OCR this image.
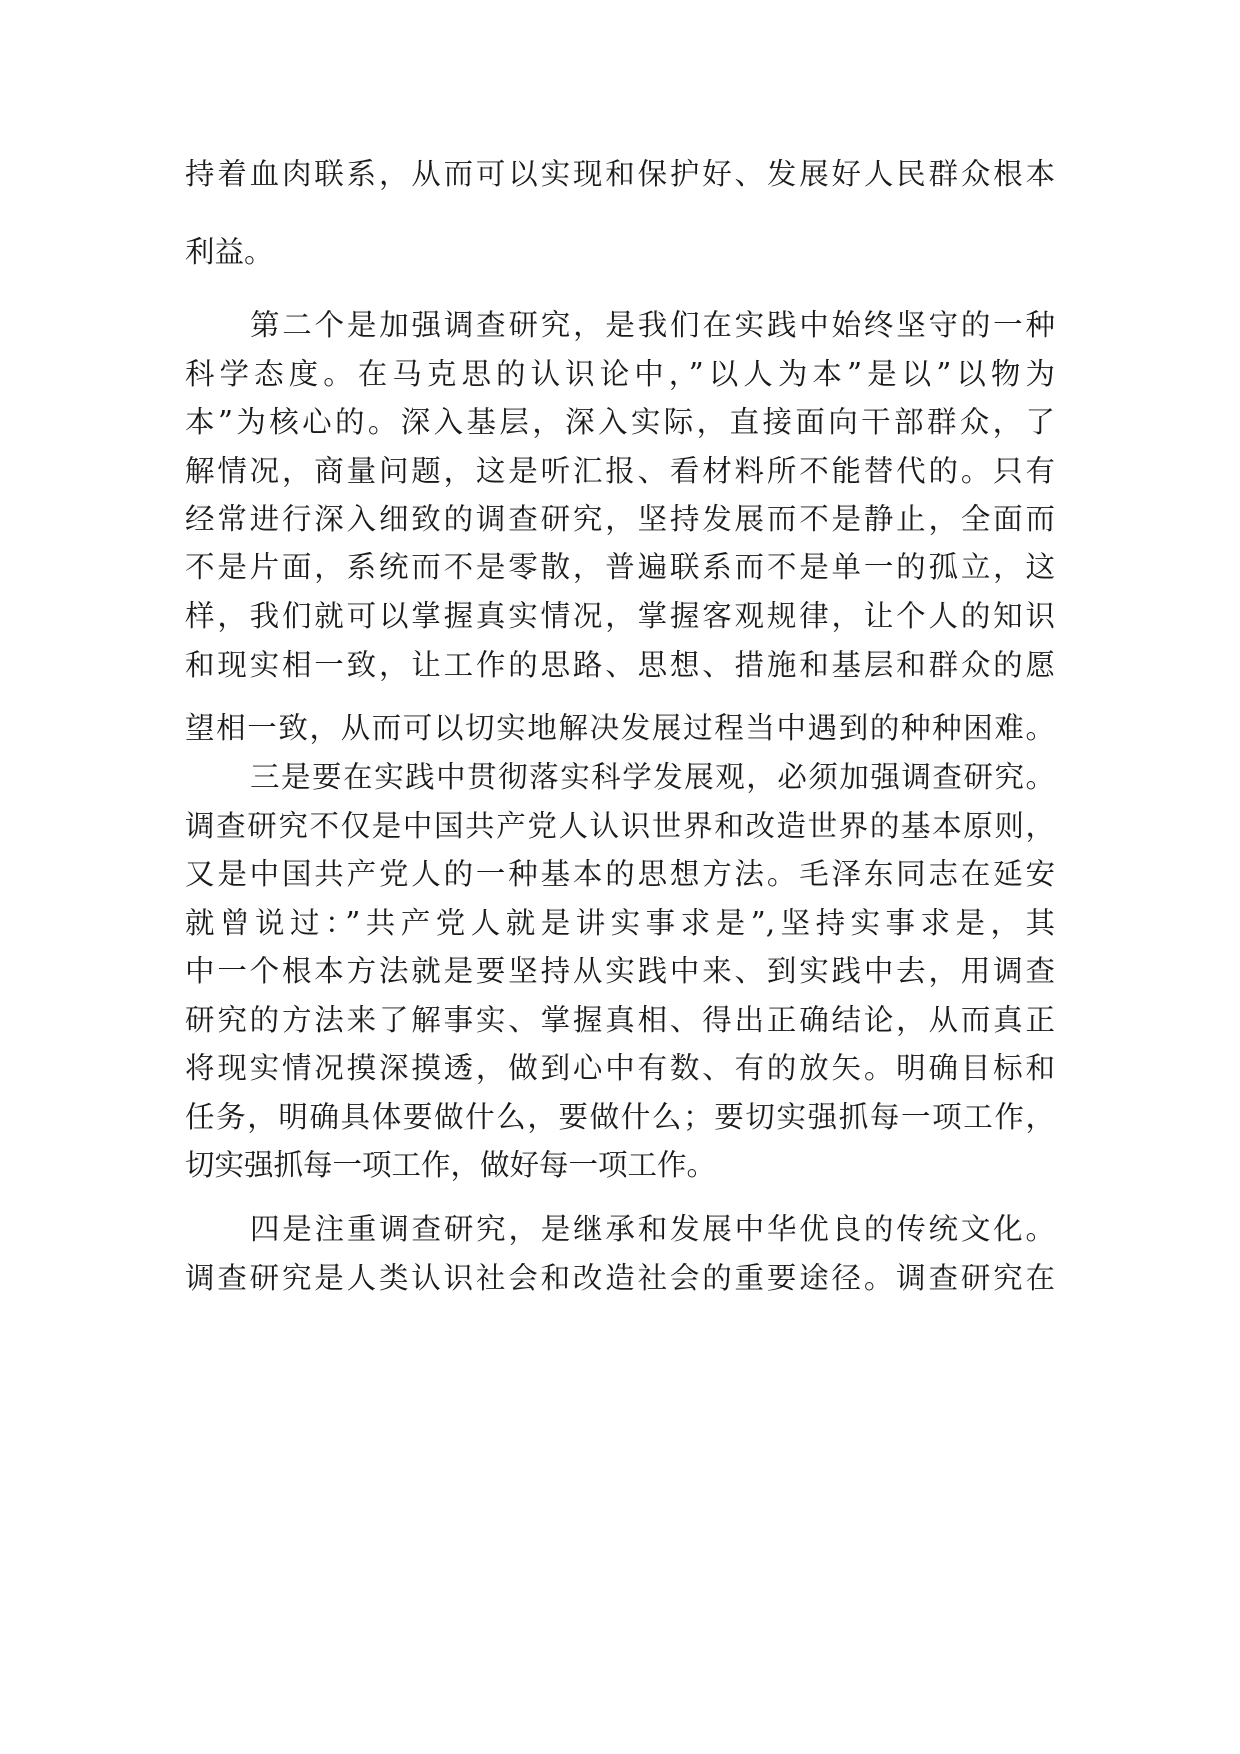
持着血肉联系，从而可以实现和保护好、发展好人民群众根本
利益。
第二个是加强调查研究，是我们在实践中始终坚守的一种
科学态度。在马克思的认识论中，”以人为本”是以”以物为
本”为核心的。深入基层，深入实际，直接面向干部群众，了
解情况，商量问题，这是听汇报、看材料所不能替代的。只有
经常进行深入细致的调查研究，坚持发展而不是静止，全面而
不是片面，系统而不是零散，普遍联系而不是单一的孤立，这
样，我们就可以掌握真实情况，掌握客观规律，让个人的知识
和现实相一致，让工作的思路、思想、措施和基层和群众的愿
望相一致，从而可以切实地解决发展过程当中遇到的种种困难。
三是要在实践中贯彻落实科学发展观，必须加强调查研究。
调查研究不仅是中国共产党人认识世界和改造世界的基本原则，
又是中国共产党人的一种基本的思想方法。毛泽东同志在延安
就曾说过：”共产党人就是讲实事求是”,坚持实事求是，其
中一个根本方法就是要坚持从实践中来、到实践中去，用调查
研究的方法来了解事实、掌握真相、得出正确结论，从而真正
将现实情况摸深摸透，做到心中有数、有的放矢。明确目标和
任务，明确具体要做什么，要做什么；要切实强抓每一项工作，
切实强抓每一项工作，做好每一项工作。
四是注重调查研究，是继承和发展中华优良的传统文化。
调查研究是人类认识社会和改造社会的重要途径。调查研究在
